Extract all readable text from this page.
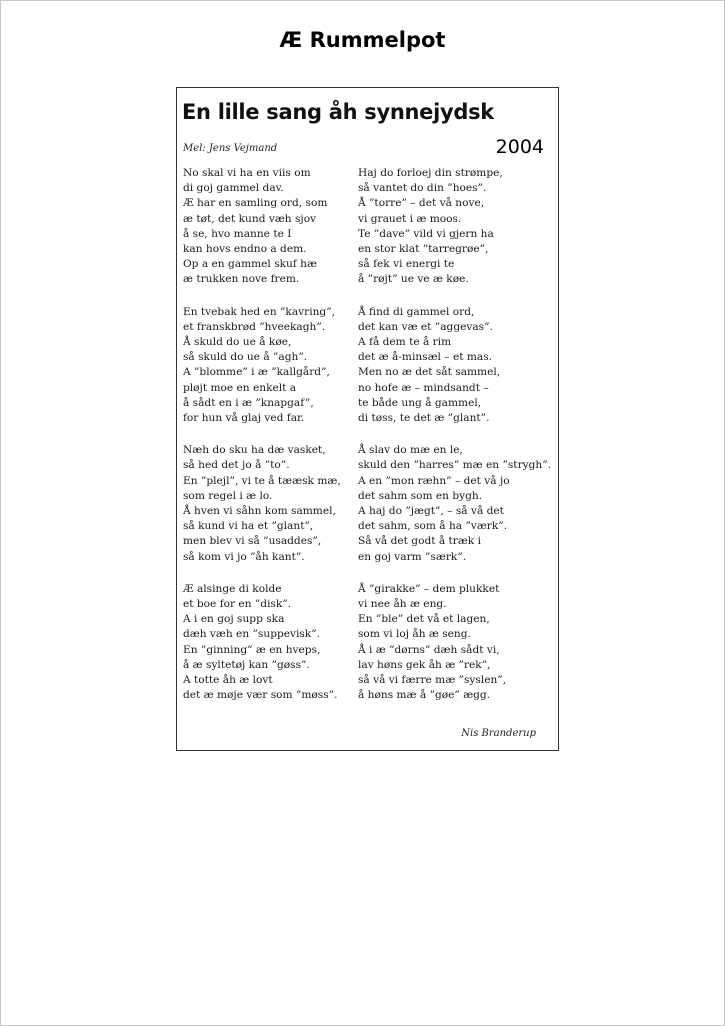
Æ Rummelpot
En lille sang åh synnejydsk
2004
Mel: Jens Vejmand
No skal vi ha en viis om
di goj gammel dav.
Æ har en samling ord, som
æ tøt, det kund væh sjov
å se, hvo manne te I
kan hovs endno a dem.
Op a en gammel skuf hæ
æ trukken nove frem.
En tvebak hed en ”kavring”,
et franskbrød ”hveekagh”.
Å skuld do ue å køe,
så skuld do ue å ”agh”.
A ”blomme” i æ ”kallgård”,
pløjt moe en enkelt a
å sådt en i æ ”knapgaf”,
for hun vå glaj ved far.
Næh do sku ha dæ vasket,
så hed det jo å ”to”.
En ”plejl”, vi te å tææsk mæ,
som regel i æ lo.
Å hven vi såhn kom sammel,
så kund vi ha et ”glant”,
men blev vi så ”usaddes”,
så kom vi jo ”åh kant”.
Æ alsinge di kolde
et boe for en ”disk”.
A i en goj supp ska
dæh væh en ”suppevisk”.
En ”ginning” æ en hveps,
å æ syltetøj kan ”gøss”.
A totte åh æ lovt
det æ møje vær som ”møss”.
Haj do forloej din strømpe,
så vantet do din ”hoes”.
Å ”torre” – det vå nove,
vi grauet i æ moos.
Te ”dave” vild vi gjern ha
en stor klat ”tarregrøe”,
så fek vi energi te
å ”røjt” ue ve æ køe.
Å find di gammel ord,
det kan væ et ”aggevas”.
A få dem te å rim
det æ å-minsæl – et mas.
Men no æ det såt sammel,
no hofe æ – mindsandt –
te både ung å gammel,
di tøss, te det æ ”glant”.
Å slav do mæ en le,
skuld den ”harres” mæ en ”strygh”.
A en ”mon ræhn” – det vå jo
det sahm som en bygh.
A haj do ”jægt”, – så vå det
det sahm, som å ha ”værk”.
Så vå det godt å træk i
en goj varm ”særk”.
Å ”girakke” – dem plukket
vi nee åh æ eng.
En ”ble” det vå et lagen,
som vi loj åh æ seng.
Å i æ ”dørns” dæh sådt vi,
lav høns gek åh æ ”rek”,
så vå vi færre mæ ”syslen”,
å høns mæ å ”gøe” ægg.
Nis Branderup
